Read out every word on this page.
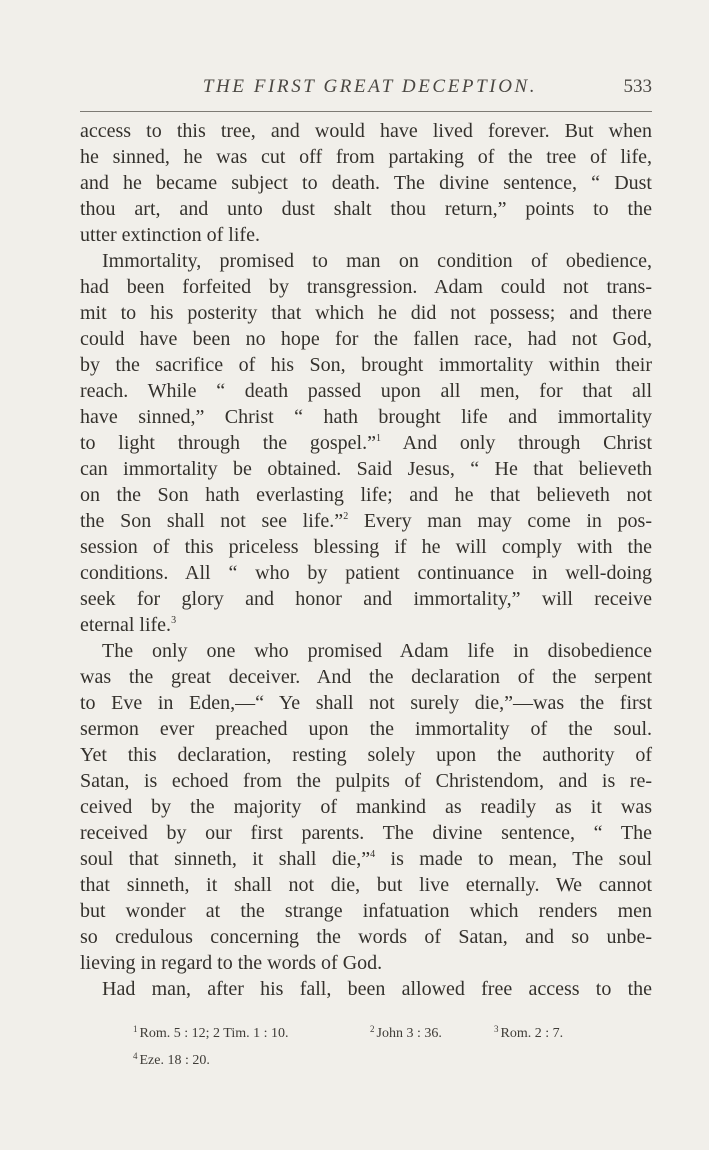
THE FIRST GREAT DECEPTION.	533

access to this tree, and would have lived forever. But when
he sinned, he was cut off from partaking of the tree of life,
and he became subject to death. The divine sentence, “ Dust
thou art, and unto dust shalt thou return,” points to the
utter extinction of life.

Immortality, promised to man on condition of obedience,
had been forfeited by transgression. Adam could not trans-
mit to his posterity that which he did not possess; and there
could have been no hope for the fallen race, had not God,
by the sacrifice of his Son, brought immortality within their
reach. While “ death passed upon all men, for that all
have sinned,” Christ “ hath brought life and immortality
to light through the gospel.”$^1$ And only through Christ
can immortality be obtained. Said Jesus, “ He that believeth
on the Son hath everlasting life; and he that believeth not
the Son shall not see life.”$^2$ Every man may come in pos-
session of this priceless blessing if he will comply with the
conditions. All “ who by patient continuance in well-doing
seek for glory and honor and immortality,” will receive
eternal life.$^3$

The only one who promised Adam life in disobedience
was the great deceiver. And the declaration of the serpent
to Eve in Eden,—“ Ye shall not surely die,”—was the first
sermon ever preached upon the immortality of the soul.
Yet this declaration, resting solely upon the authority of
Satan, is echoed from the pulpits of Christendom, and is re-
ceived by the majority of mankind as readily as it was
received by our first parents. The divine sentence, “ The
soul that sinneth, it shall die,”$^4$ is made to mean, The soul
that sinneth, it shall not die, but live eternally. We cannot
but wonder at the strange infatuation which renders men
so credulous concerning the words of Satan, and so unbe-
lieving in regard to the words of God.

Had man, after his fall, been allowed free access to the

$^1$ Rom. 5 : 12; 2 Tim. 1 : 10.	$^2$ John 3 : 36.	$^3$ Rom. 2 : 7.
$^4$ Eze. 18 : 20.
